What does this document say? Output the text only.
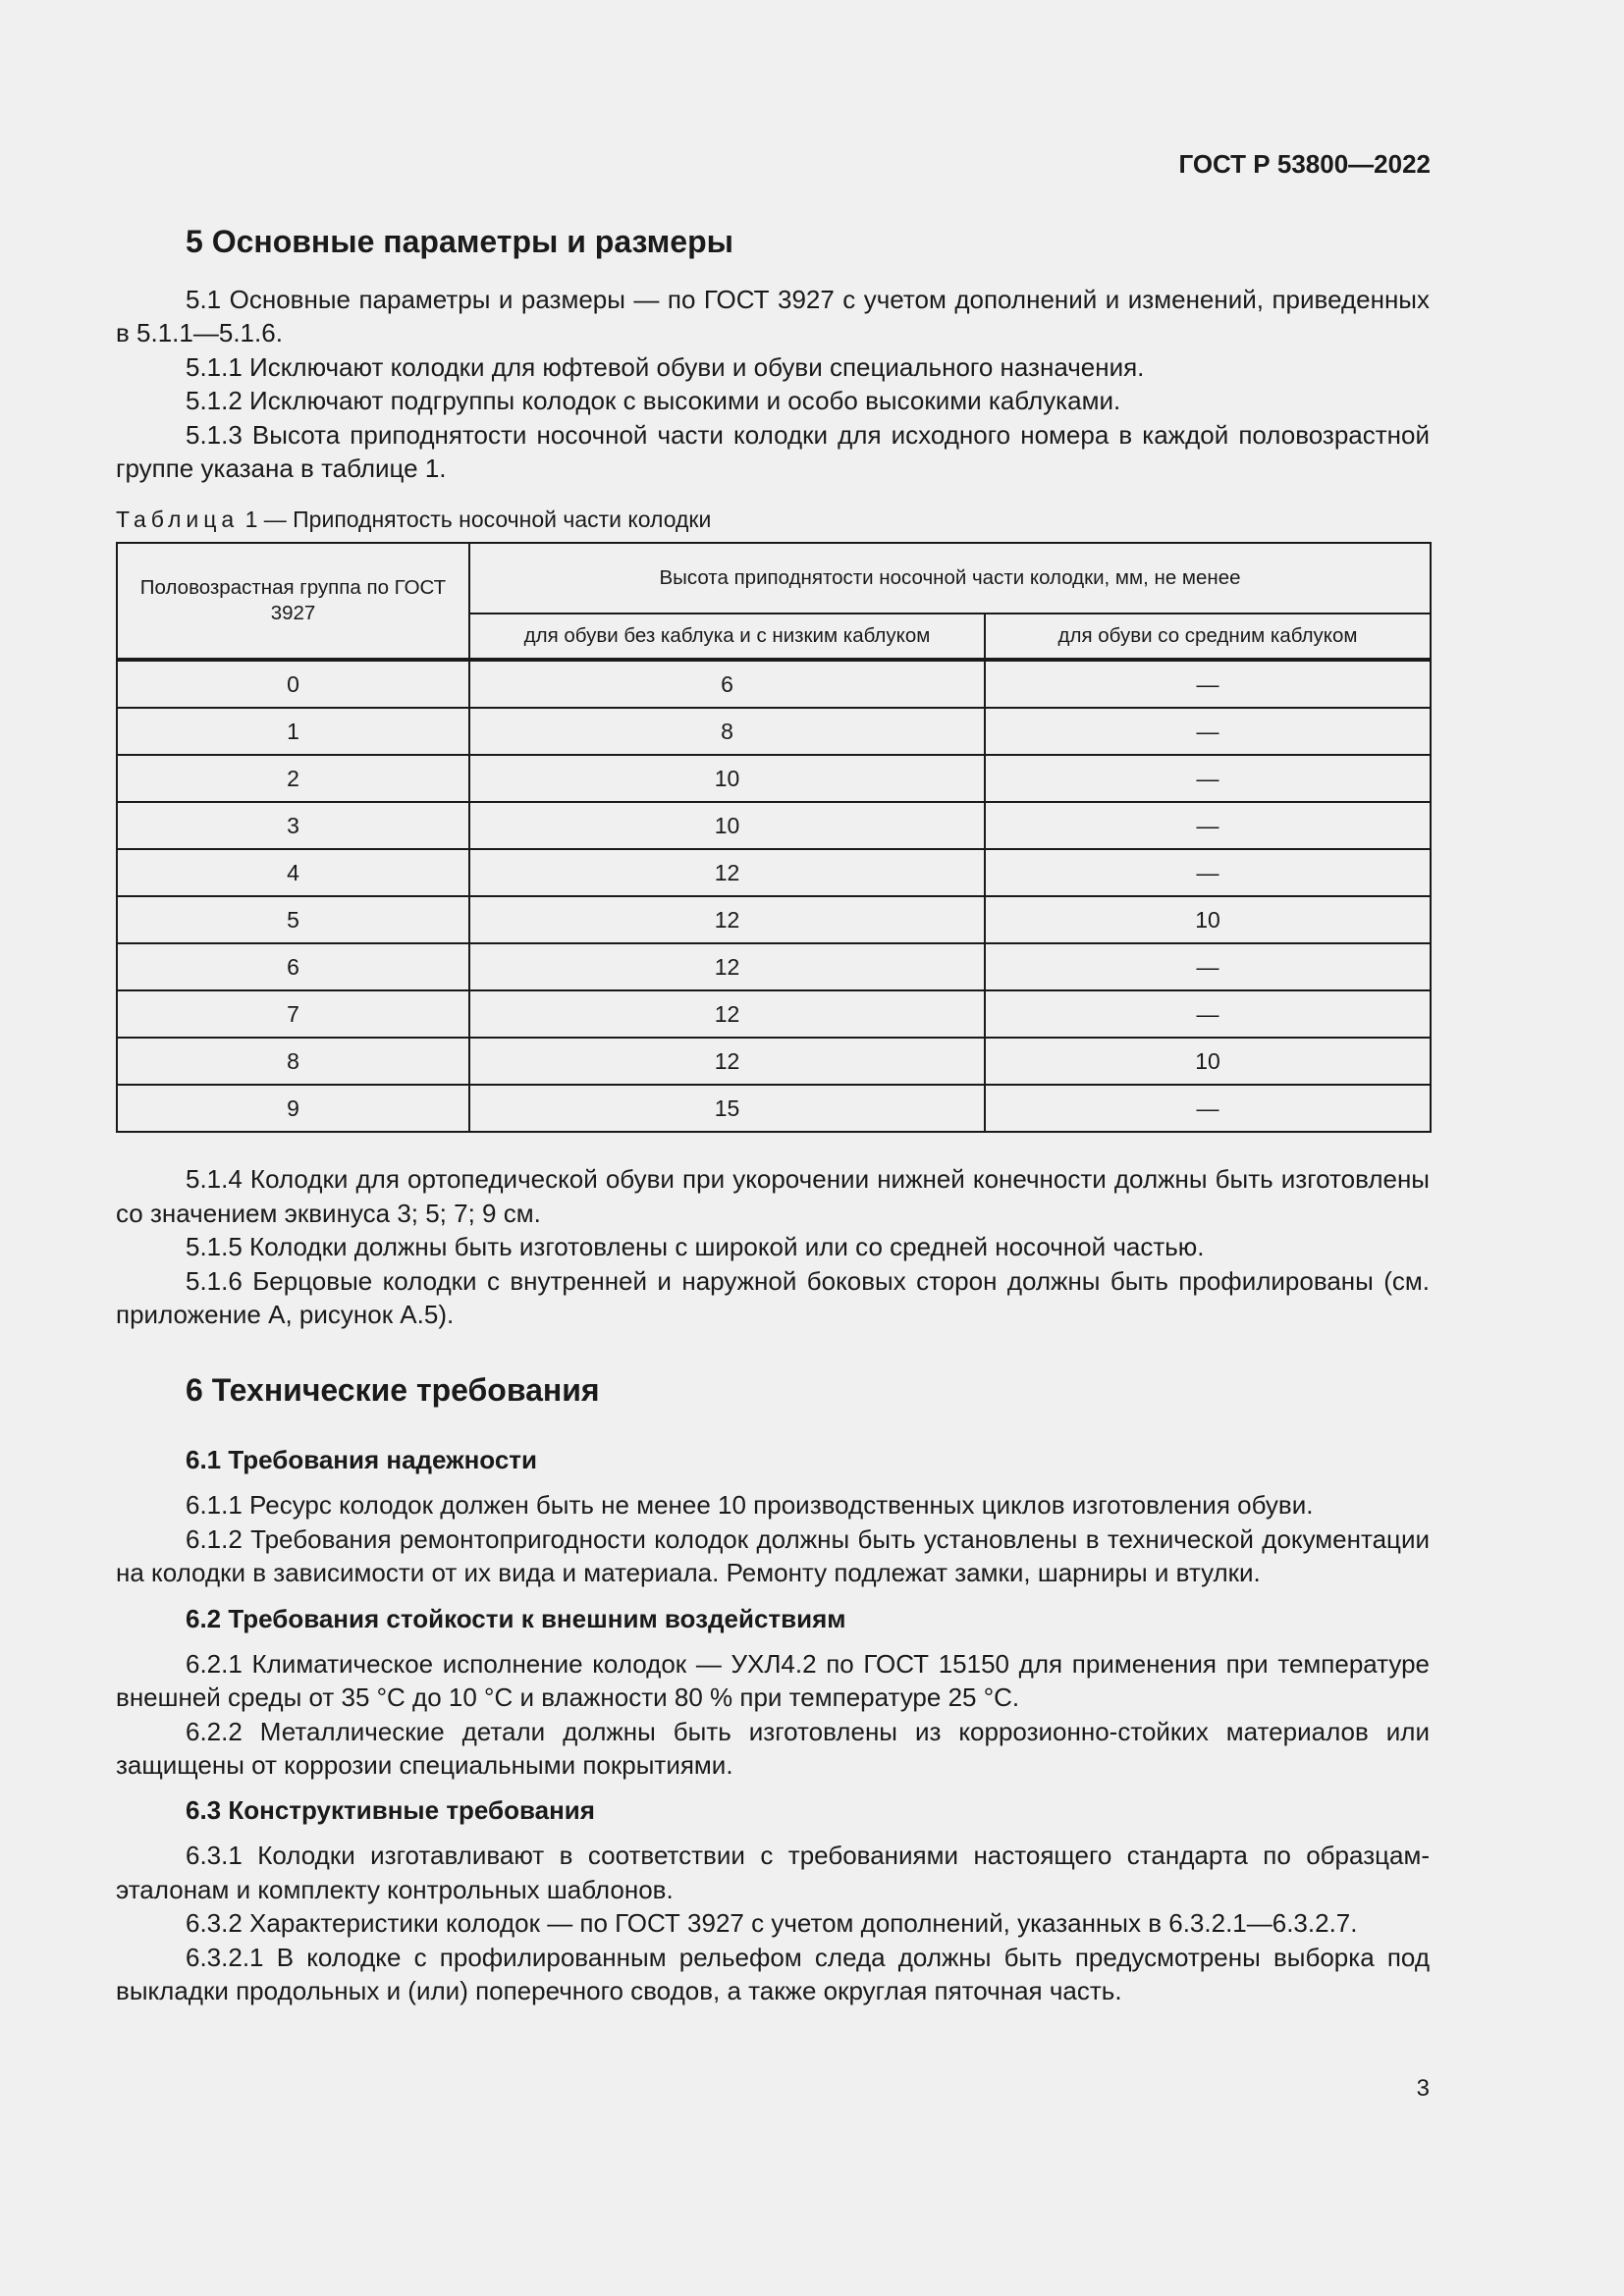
ГОСТ Р 53800—2022
5 Основные параметры и размеры

5.1 Основные параметры и размеры — по ГОСТ 3927 с учетом дополнений и изменений, приведенных в 5.1.1—5.1.6.

5.1.1 Исключают колодки для юфтевой обуви и обуви специального назначения.

5.1.2 Исключают подгруппы колодок с высокими и особо высокими каблуками.

5.1.3 Высота приподнятости носочной части колодки для исходного номера в каждой половозрастной группе указана в таблице 1.

Таблица 1 — Приподнятость носочной части колодки
Половозрастная группа по ГОСТ 3927	Высота приподнятости носочной части колодки, мм, не менее	
	для обуви без каблука и с низким каблуком	для обуви со средним каблуком
0	6	—
1	8	—
2	10	—
3	10	—
4	12	—
5	12	10
6	12	—
7	12	—
8	12	10
9	15	—

5.1.4 Колодки для ортопедической обуви при укорочении нижней конечности должны быть изготовлены со значением эквинуса 3; 5; 7; 9 см.

5.1.5 Колодки должны быть изготовлены с широкой или со средней носочной частью.

5.1.6 Берцовые колодки с внутренней и наружной боковых сторон должны быть профилированы (см. приложение А, рисунок А.5).

6 Технические требования
6.1 Требования надежности

6.1.1 Ресурс колодок должен быть не менее 10 производственных циклов изготовления обуви.

6.1.2 Требования ремонтопригодности колодок должны быть установлены в технической документации на колодки в зависимости от их вида и материала. Ремонту подлежат замки, шарниры и втулки.

6.2 Требования стойкости к внешним воздействиям

6.2.1 Климатическое исполнение колодок — УХЛ4.2 по ГОСТ 15150 для применения при температуре внешней среды от 35 °С до 10 °С и влажности 80 % при температуре 25 °С.

6.2.2 Металлические детали должны быть изготовлены из коррозионно-стойких материалов или защищены от коррозии специальными покрытиями.

6.3 Конструктивные требования

6.3.1 Колодки изготавливают в соответствии с требованиями настоящего стандарта по образцам-эталонам и комплекту контрольных шаблонов.

6.3.2 Характеристики колодок — по ГОСТ 3927 с учетом дополнений, указанных в 6.3.2.1—6.3.2.7.

6.3.2.1 В колодке с профилированным рельефом следа должны быть предусмотрены выборка под выкладки продольных и (или) поперечного сводов, а также округлая пяточная часть.

3
